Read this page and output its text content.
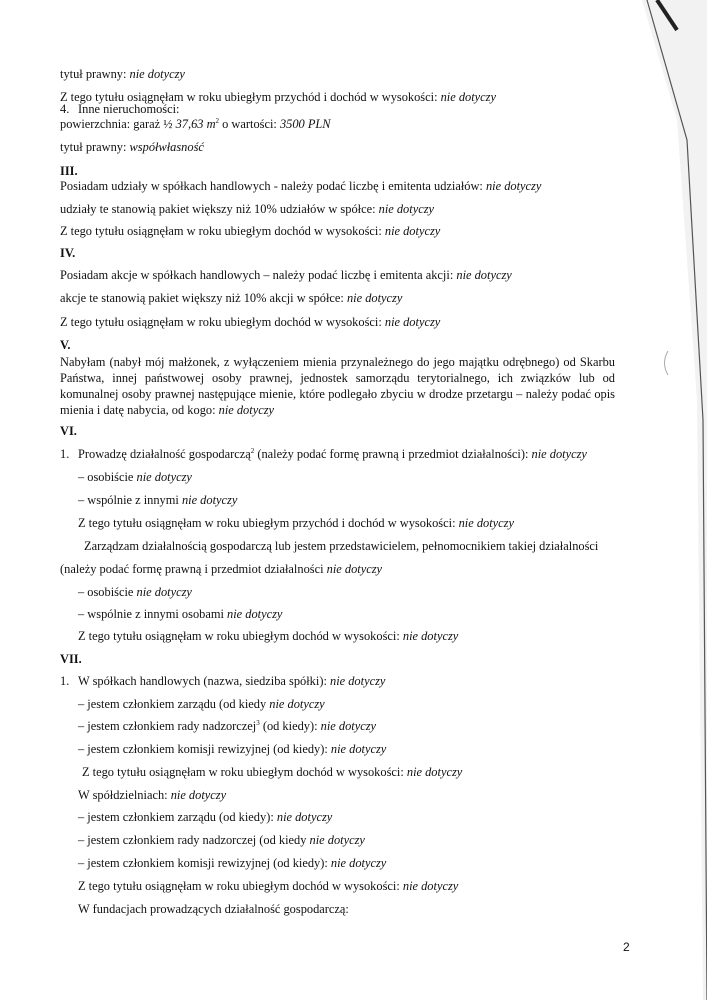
tytuł prawny: nie dotyczy
Z tego tytułu osiągnęłam w roku ubiegłym przychód i dochód w wysokości: nie dotyczy
4. Inne nieruchomości:
powierzchnia: garaż ½ 37,63 $m^2$ o wartości: 3500 PLN
tytuł prawny: współwłasność
III.
Posiadam udziały w spółkach handlowych - należy podać liczbę i emitenta udziałów: nie dotyczy
udziały te stanowią pakiet większy niż 10% udziałów w spółce: nie dotyczy
Z tego tytułu osiągnęłam w roku ubiegłym dochód w wysokości: nie dotyczy
IV.
Posiadam akcje w spółkach handlowych – należy podać liczbę i emitenta akcji: nie dotyczy
akcje te stanowią pakiet większy niż 10% akcji w spółce: nie dotyczy
Z tego tytułu osiągnęłam w roku ubiegłym dochód w wysokości: nie dotyczy
V.
Nabyłam (nabył mój małżonek, z wyłączeniem mienia przynależnego do jego majątku odrębnego) od Skarbu Państwa, innej państwowej osoby prawnej, jednostek samorządu terytorialnego, ich związków lub od komunalnej osoby prawnej następujące mienie, które podlegało zbyciu w drodze przetargu – należy podać opis mienia i datę nabycia, od kogo: nie dotyczy
VI.
1. Prowadzę działalność gospodarczą$^2$ (należy podać formę prawną i przedmiot działalności): nie dotyczy
– osobiście nie dotyczy
– wspólnie z innymi nie dotyczy
Z tego tytułu osiągnęłam w roku ubiegłym przychód i dochód w wysokości: nie dotyczy
Zarządzam działalnością gospodarczą lub jestem przedstawicielem, pełnomocnikiem takiej działalności
(należy podać formę prawną i przedmiot działalności nie dotyczy
– osobiście nie dotyczy
– wspólnie z innymi osobami nie dotyczy
Z tego tytułu osiągnęłam w roku ubiegłym dochód w wysokości: nie dotyczy
VII.
1. W spółkach handlowych (nazwa, siedziba spółki): nie dotyczy
– jestem członkiem zarządu (od kiedy nie dotyczy
– jestem członkiem rady nadzorczej$^3$ (od kiedy): nie dotyczy
– jestem członkiem komisji rewizyjnej (od kiedy): nie dotyczy
Z tego tytułu osiągnęłam w roku ubiegłym dochód w wysokości: nie dotyczy
W spółdzielniach: nie dotyczy
– jestem członkiem zarządu (od kiedy): nie dotyczy
– jestem członkiem rady nadzorczej (od kiedy nie dotyczy
– jestem członkiem komisji rewizyjnej (od kiedy): nie dotyczy
Z tego tytułu osiągnęłam w roku ubiegłym dochód w wysokości: nie dotyczy
W fundacjach prowadzących działalność gospodarczą:
2
